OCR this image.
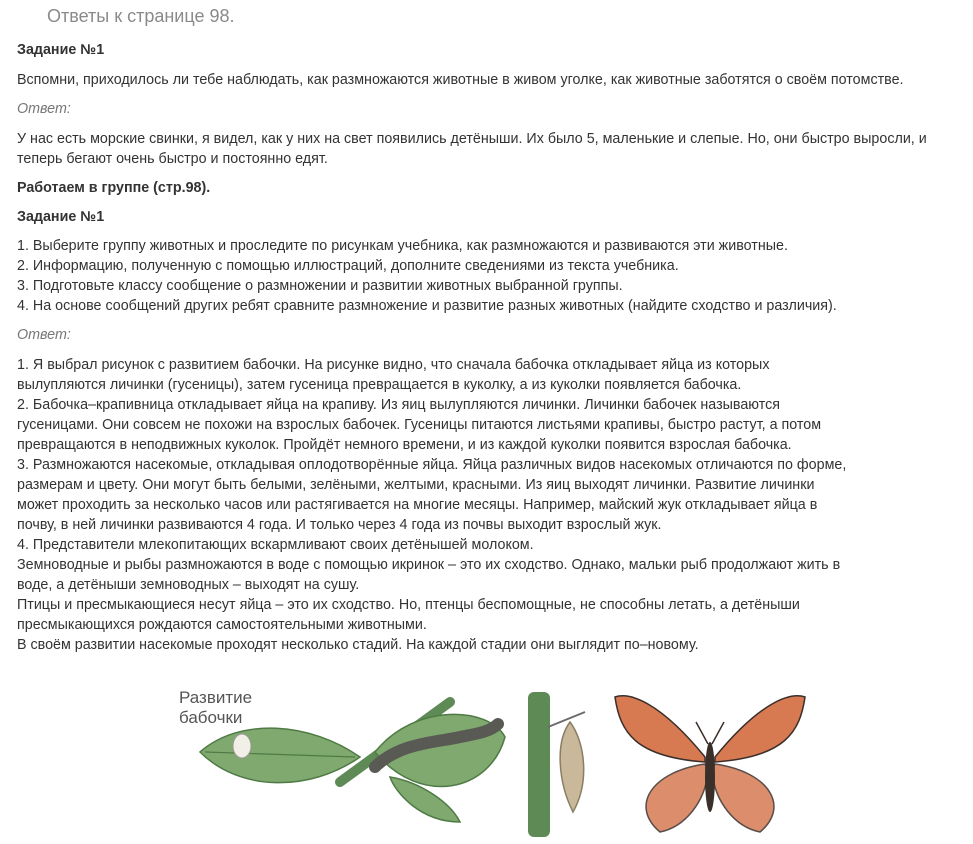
Ответы к странице 98.

Задание №1

Вспомни, приходилось ли тебе наблюдать, как размножаются животные в живом уголке, как животные заботятся о своём потомстве.

Ответ:

У нас есть морские свинки, я видел, как у них на свет появились детёныши. Их было 5, маленькие и слепые. Но, они быстро выросли, и теперь бегают очень быстро и постоянно едят.

Работаем в группе (стр.98).

Задание №1

1. Выберите группу животных и проследите по рисункам учебника, как размножаются и развиваются эти животные.

2. Информацию, полученную с помощью иллюстраций, дополните сведениями из текста учебника.

3. Подготовьте классу сообщение о размножении и развитии животных выбранной группы.

4. На основе сообщений других ребят сравните размножение и развитие разных животных (найдите сходство и различия).

Ответ:

1. Я выбрал рисунок с развитием бабочки. На рисунке видно, что сначала бабочка откладывает яйца из которых

вылупляются личинки (гусеницы), затем гусеница превращается в куколку, а из куколки появляется бабочка.

2. Бабочка–крапивница откладывает яйца на крапиву. Из яиц вылупляются личинки. Личинки бабочек называются

гусеницами. Они совсем не похожи на взрослых бабочек. Гусеницы питаются листьями крапивы, быстро растут, а потом

превращаются в неподвижных куколок. Пройдёт немного времени, и из каждой куколки появится взрослая бабочка.

3. Размножаются насекомые, откладывая оплодотворённые яйца. Яйца различных видов насекомых отличаются по форме,

размерам и цвету. Они могут быть белыми, зелёными, желтыми, красными. Из яиц выходят личинки. Развитие личинки

может проходить за несколько часов или растягивается на многие месяцы. Например, майский жук откладывает яйца в

почву, в ней личинки развиваются 4 года. И только через 4 года из почвы выходит взрослый жук.

4. Представители млекопитающих вскармливают своих детёнышей молоком.

Земноводные и рыбы размножаются в воде с помощью икринок – это их сходство. Однако, мальки рыб продолжают жить в

воде, а детёныши земноводных – выходят на сушу.

Птицы и пресмыкающиеся несут яйца – это их сходство. Но, птенцы беспомощные, не способны летать, а детёныши

пресмыкающихся рождаются самостоятельными животными.

В своём развитии насекомые проходят несколько стадий. На каждой стадии они выглядит по–новому.

Развитие
бабочки
